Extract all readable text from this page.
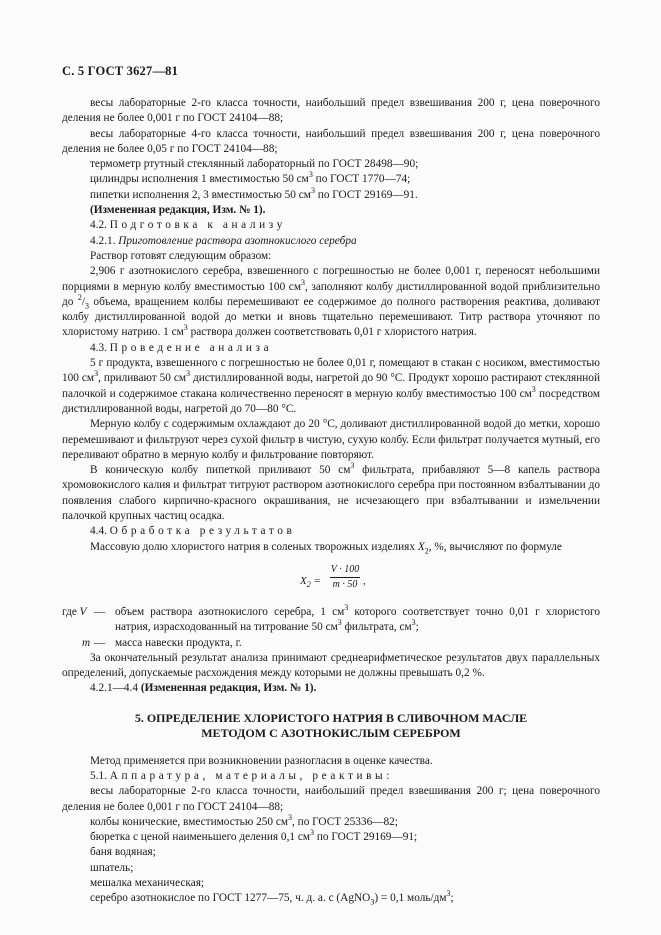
С. 5 ГОСТ 3627—81

весы лабораторные 2-го класса точности, наибольший предел взвешивания 200 г, цена поверочного деления не более 0,001 г по ГОСТ 24104—88;

весы лабораторные 4-го класса точности, наибольший предел взвешивания 200 г, цена поверочного деления не более 0,05 г по ГОСТ 24104—88;

термометр ртутный стеклянный лабораторный по ГОСТ 28498—90;

цилиндры исполнения 1 вместимостью 50 $см^3$ по ГОСТ 1770—74;

пипетки исполнения 2, 3 вместимостью 50 $см^3$ по ГОСТ 29169—91.

(Измененная редакция, Изм. № 1).

4.2. Подготовка к анализу

4.2.1. Приготовление раствора азотнокислого серебра

Раствор готовят следующим образом:

2,906 г азотнокислого серебра, взвешенного с погрешностью не более 0,001 г, переносят небольшими порциями в мерную колбу вместимостью 100 $см^3$, заполняют колбу дистиллированной водой приблизительно до $^2/_3$ объема, вращением колбы перемешивают ее содержимое до полного растворения реактива, доливают колбу дистиллированной водой до метки и вновь тщательно перемешивают. Титр раствора уточняют по хлористому натрию. 1 $см^3$ раствора должен соответствовать 0,01 г хлористого натрия.

4.3. Проведение анализа

5 г продукта, взвешенного с погрешностью не более 0,01 г, помещают в стакан с носиком, вместимостью 100 $см^3$, приливают 50 $см^3$ дистиллированной воды, нагретой до 90 °С. Продукт хорошо растирают стеклянной палочкой и содержимое стакана количественно переносят в мерную колбу вместимостью 100 $см^3$ посредством дистиллированной воды, нагретой до 70—80 °С.

Мерную колбу с содержимым охлаждают до 20 °С, доливают дистиллированной водой до метки, хорошо перемешивают и фильтруют через сухой фильтр в чистую, сухую колбу. Если фильтрат получается мутный, его переливают обратно в мерную колбу и фильтрование повторяют.

В коническую колбу пипеткой приливают 50 $см^3$ фильтрата, прибавляют 5—8 капель раствора хромовокислого калия и фильтрат титруют раствором азотнокислого серебра при постоянном взбалтывании до появления слабого кирпично-красного окрашивания, не исчезающего при взбалтывании и измельчении палочкой крупных частиц осадка.

4.4. Обработка результатов

Массовую долю хлористого натрия в соленых творожных изделиях $X_2$, %, вычисляют по формуле

$X_2$ =
V · 100
m · 50 ,

где V — объем раствора азотнокислого серебра, 1 $см^3$ которого соответствует точно 0,01 г хлористого натрия, израсходованный на титрование 50 $см^3$ фильтрата, $см^3$;

m — масса навески продукта, г.

За окончательный результат анализа принимают среднеарифметическое результатов двух параллельных определений, допускаемые расхождения между которыми не должны превышать 0,2 %.

4.2.1—4.4 (Измененная редакция, Изм. № 1).

5. ОПРЕДЕЛЕНИЕ ХЛОРИСТОГО НАТРИЯ В СЛИВОЧНОМ МАСЛЕ
МЕТОДОМ С АЗОТНОКИСЛЫМ СЕРЕБРОМ

Метод применяется при возникновении разногласия в оценке качества.

5.1. Аппаратура, материалы, реактивы:

весы лабораторные 2-го класса точности, наибольший предел взвешивания 200 г; цена поверочного деления не более 0,001 г по ГОСТ 24104—88;

колбы конические, вместимостью 250 $см^3$, по ГОСТ 25336—82;

бюретка с ценой наименьшего деления 0,1 $см^3$ по ГОСТ 29169—91;

баня водяная;

шпатель;

мешалка механическая;

серебро азотнокислое по ГОСТ 1277—75, ч. д. а. с (AgNO$_3$) = 0,1 моль/$дм^3$;
